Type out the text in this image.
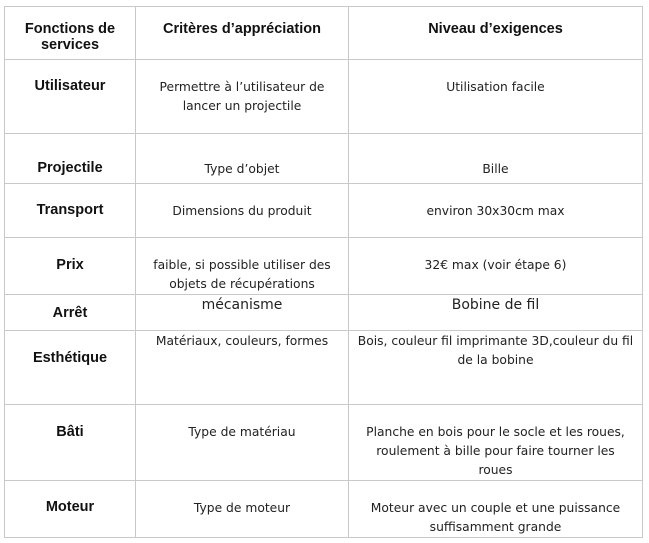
Fonctions de services	Critères d’appréciation	Niveau d’exigences

Utilisateur	Permettre à l’utilisateur de lancer un projectile	Utilisation facile

Projectile	Type d’objet	Bille

Transport	Dimensions du produit	environ 30x30cm max

Prix	faible, si possible utiliser des objets de récupérations	32€ max (voir étape 6)

Arrêt	mécanisme	Bobine de fil

Esthétique	Matériaux, couleurs, formes	Bois, couleur fil imprimante 3D,couleur du fil de la bobine

Bâti	Type de matériau	Planche en bois pour le socle et les roues, roulement à bille pour faire tourner les roues

Moteur	Type de moteur	Moteur avec un couple et une puissance suffisamment grande
